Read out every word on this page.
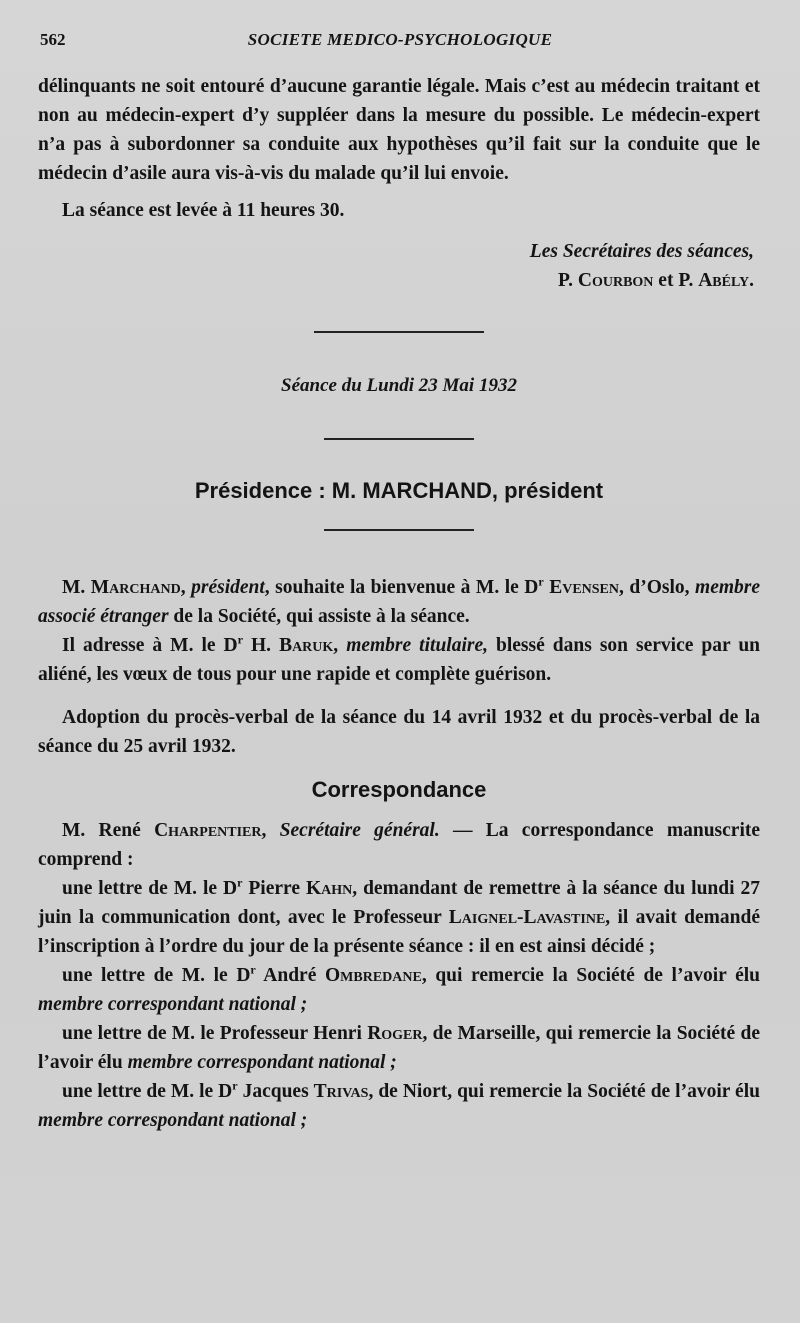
562	SOCIETE MEDICO-PSYCHOLOGIQUE

délinquants ne soit entouré d’aucune garantie légale. Mais c’est au médecin traitant et non au médecin-expert d’y suppléer dans la mesure du possible. Le médecin-expert n’a pas à subordonner sa conduite aux hypothèses qu’il fait sur la conduite que le médecin d’asile aura vis-à-vis du malade qu’il lui envoie.

La séance est levée à 11 heures 30.

Les Secrétaires des séances,

P. Courbon et P. Abély.

Séance du Lundi 23 Mai 1932

Présidence : M. MARCHAND, président

M. Marchand, président, souhaite la bienvenue à M. le $D^r$ Evensen, d’Oslo, membre associé étranger de la Société, qui assiste à la séance.

Il adresse à M. le $D^r$ H. Baruk, membre titulaire, blessé dans son service par un aliéné, les vœux de tous pour une rapide et complète guérison.

Adoption du procès-verbal de la séance du 14 avril 1932 et du procès-verbal de la séance du 25 avril 1932.

Correspondance

M. René Charpentier, Secrétaire général. — La correspondance manuscrite comprend :

une lettre de M. le $D^r$ Pierre Kahn, demandant de remettre à la séance du lundi 27 juin la communication dont, avec le Professeur Laignel-Lavastine, il avait demandé l’inscription à l’ordre du jour de la présente séance : il en est ainsi décidé ;

une lettre de M. le $D^r$ André Ombredane, qui remercie la Société de l’avoir élu membre correspondant national ;

une lettre de M. le Professeur Henri Roger, de Marseille, qui remercie la Société de l’avoir élu membre correspondant national ;

une lettre de M. le $D^r$ Jacques Trivas, de Niort, qui remercie la Société de l’avoir élu membre correspondant national ;
